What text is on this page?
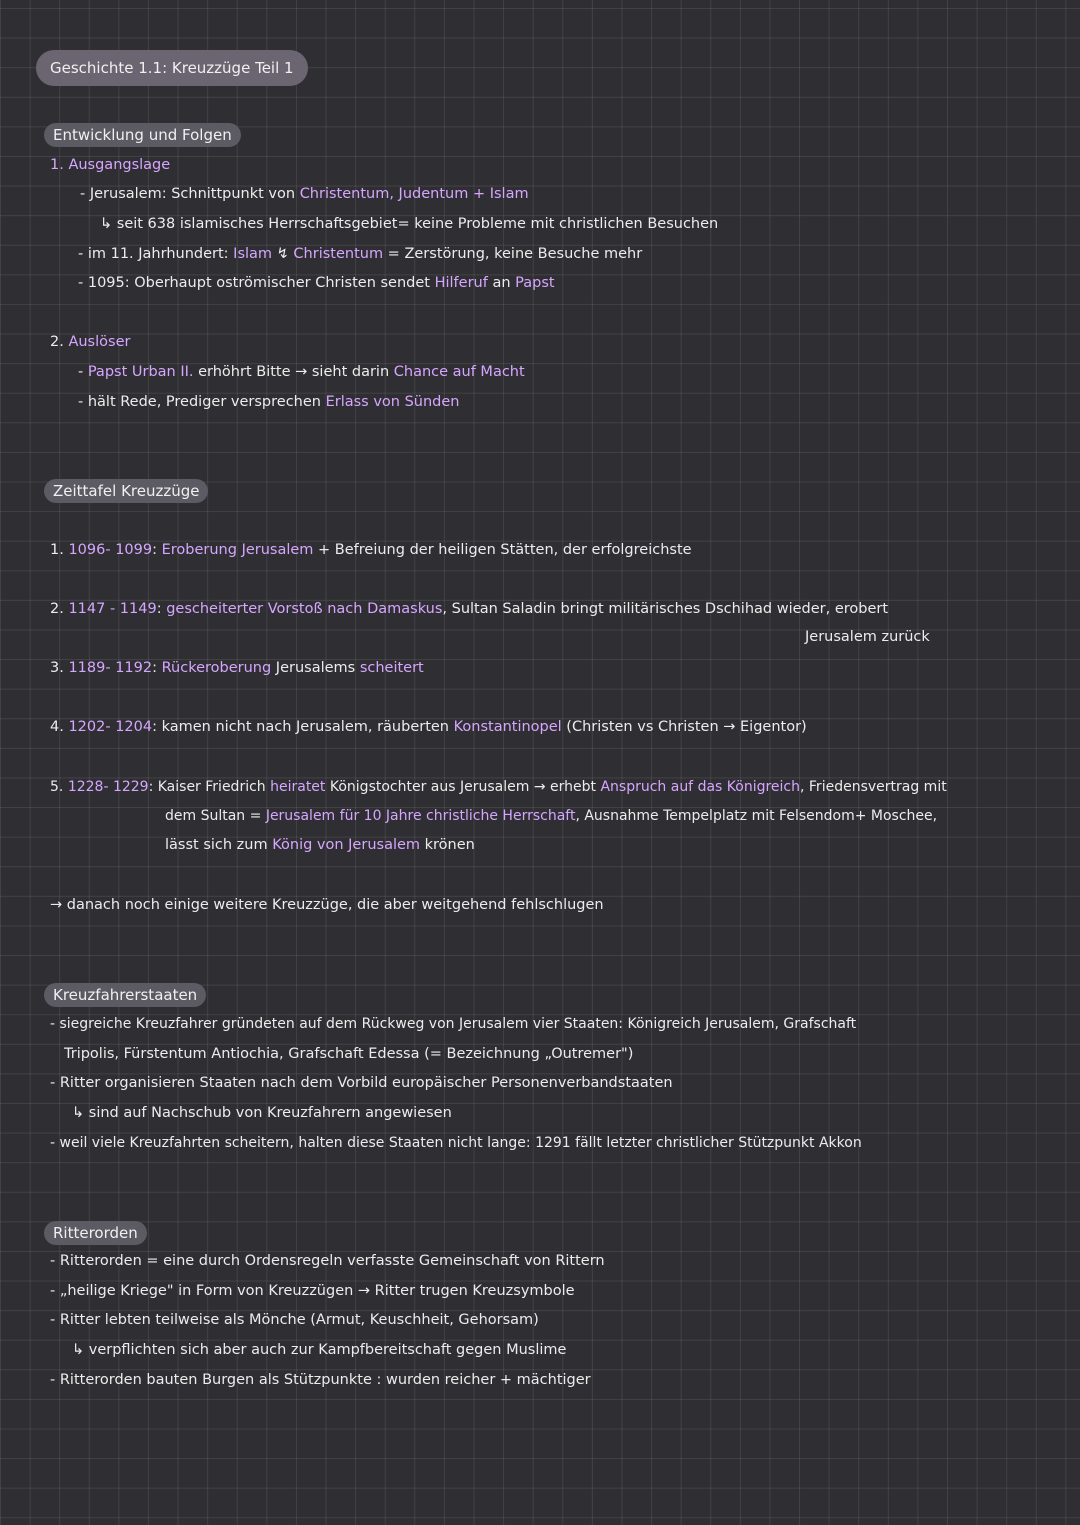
Geschichte 1.1: Kreuzzüge Teil 1
Entwicklung und Folgen
1. Ausgangslage
- Jerusalem: Schnittpunkt von Christentum, Judentum + Islam
↳ seit 638 islamisches Herrschaftsgebiet= keine Probleme mit christlichen Besuchen
- im 11. Jahrhundert: Islam ↯ Christentum = Zerstörung, keine Besuche mehr
- 1095: Oberhaupt oströmischer Christen sendet Hilferuf an Papst
2. Auslöser
- Papst Urban II. erhöhrt Bitte → sieht darin Chance auf Macht
- hält Rede, Prediger versprechen Erlass von Sünden
Zeittafel Kreuzzüge
1. 1096- 1099: Eroberung Jerusalem + Befreiung der heiligen Stätten, der erfolgreichste
2. 1147 - 1149: gescheiterter Vorstoß nach Damaskus, Sultan Saladin bringt militärisches Dschihad wieder, erobert
Jerusalem zurück
3. 1189- 1192: Rückeroberung Jerusalems scheitert
4. 1202- 1204: kamen nicht nach Jerusalem, räuberten Konstantinopel (Christen vs Christen → Eigentor)
5. 1228- 1229: Kaiser Friedrich heiratet Königstochter aus Jerusalem → erhebt Anspruch auf das Königreich, Friedensvertrag mit
dem Sultan = Jerusalem für 10 Jahre christliche Herrschaft, Ausnahme Tempelplatz mit Felsendom+ Moschee,
lässt sich zum König von Jerusalem krönen
→ danach noch einige weitere Kreuzzüge, die aber weitgehend fehlschlugen
Kreuzfahrerstaaten
- siegreiche Kreuzfahrer gründeten auf dem Rückweg von Jerusalem vier Staaten: Königreich Jerusalem, Grafschaft
Tripolis, Fürstentum Antiochia, Grafschaft Edessa (= Bezeichnung „Outremer")
- Ritter organisieren Staaten nach dem Vorbild europäischer Personenverbandstaaten
↳ sind auf Nachschub von Kreuzfahrern angewiesen
- weil viele Kreuzfahrten scheitern, halten diese Staaten nicht lange: 1291 fällt letzter christlicher Stützpunkt Akkon
Ritterorden
- Ritterorden = eine durch Ordensregeln verfasste Gemeinschaft von Rittern
- „heilige Kriege" in Form von Kreuzzügen → Ritter trugen Kreuzsymbole
- Ritter lebten teilweise als Mönche (Armut, Keuschheit, Gehorsam)
↳ verpflichten sich aber auch zur Kampfbereitschaft gegen Muslime
- Ritterorden bauten Burgen als Stützpunkte : wurden reicher + mächtiger
